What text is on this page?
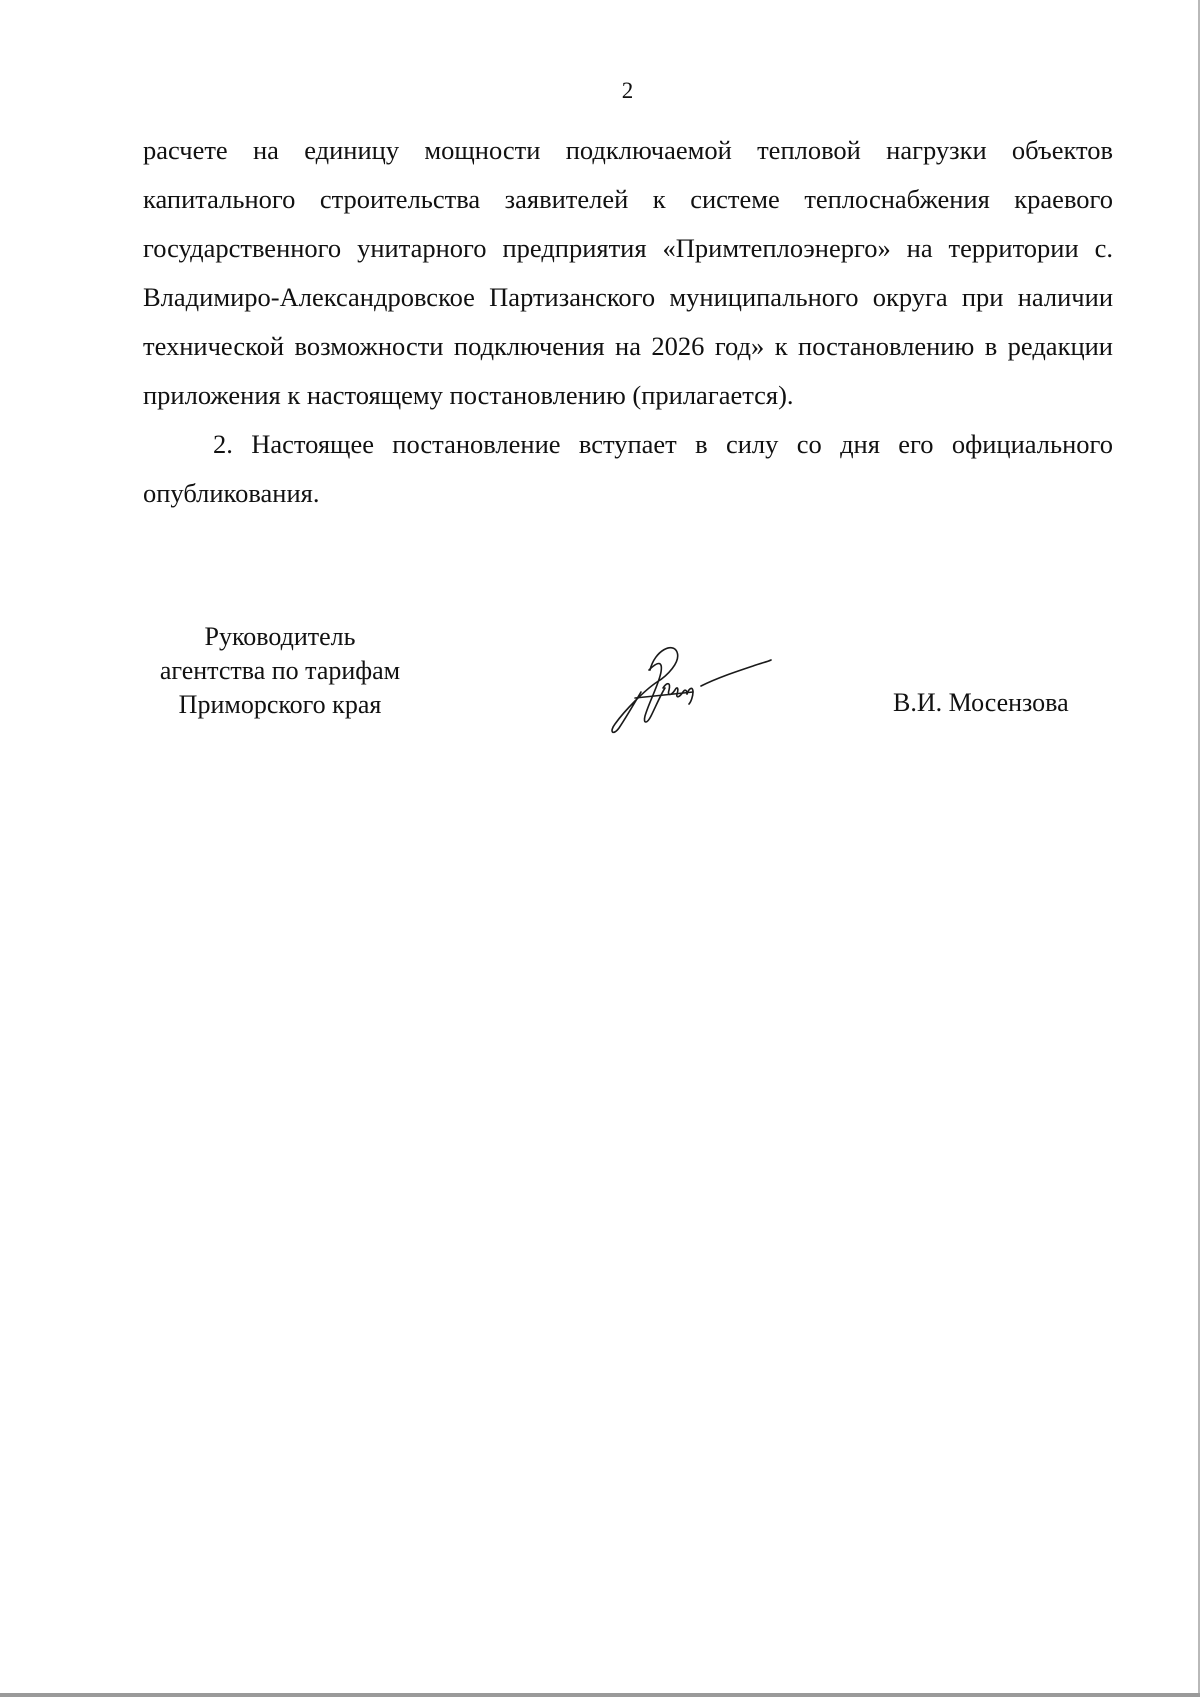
2

расчете на единицу мощности подключаемой тепловой нагрузки объектов капитального строительства заявителей к системе теплоснабжения краевого государственного унитарного предприятия «Примтеплоэнерго» на территории с. Владимиро-Александровское Партизанского муниципального округа при наличии технической возможности подключения на 2026 год» к постановлению в редакции приложения к настоящему постановлению (прилагается).

2. Настоящее постановление вступает в силу со дня его официального опубликования.

Руководитель
агентства по тарифам
Приморского края	В.И. Мосензова
